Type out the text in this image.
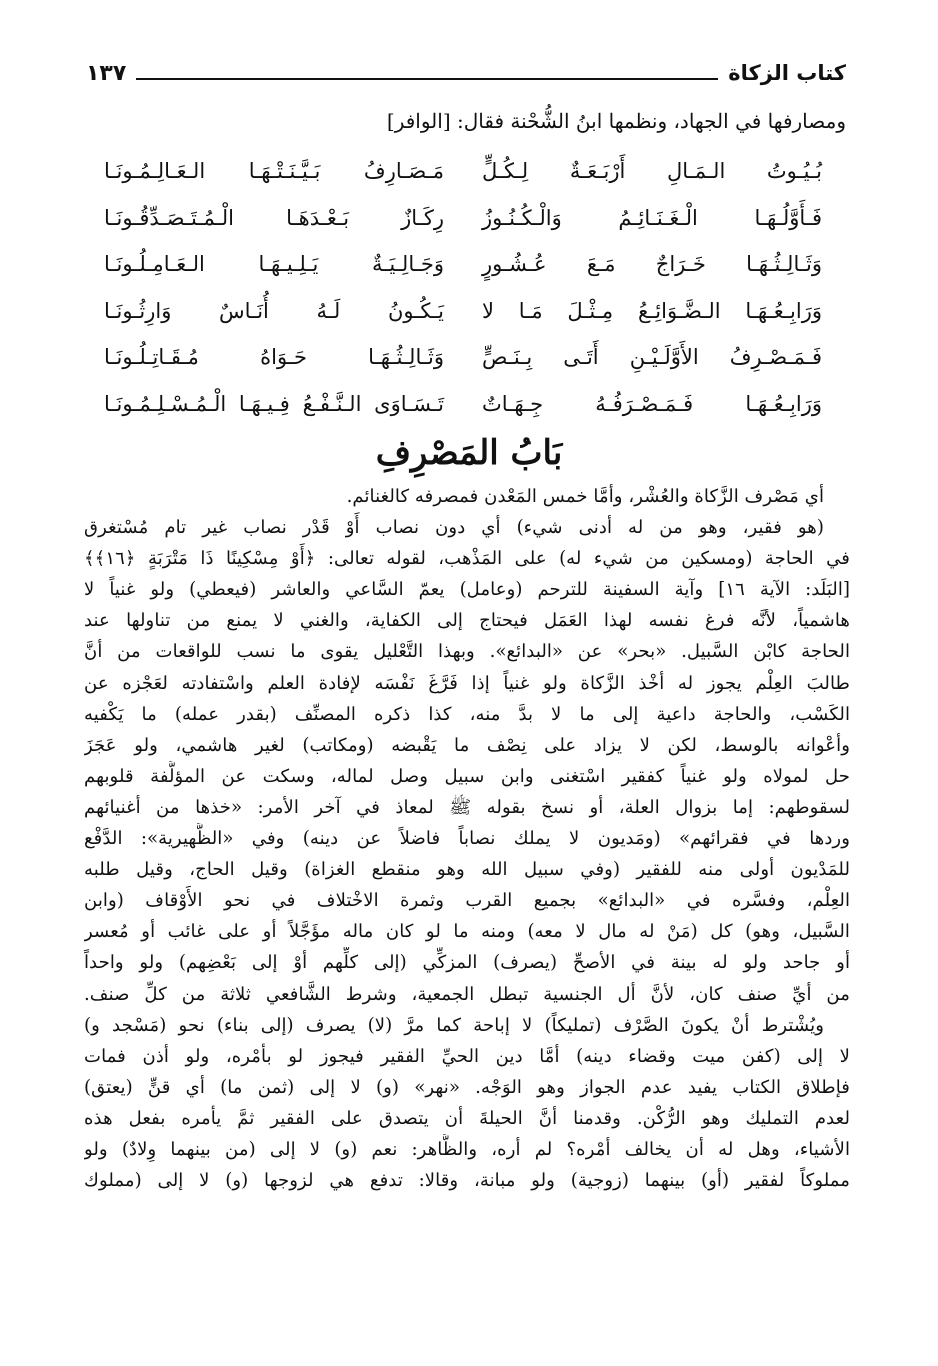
كتاب الزكاة
١٣٧
ومصارفها في الجهاد، ونظمها ابنُ الشُّحْنة فقال: [الوافر]
بُـيُـوتُ الـمَـالِ أَرْبَـعَـةٌ لِـكُـلٍّ
مَـصَـارِفُ بَـيَّـنَـتْـهَـا الـعَـالِـمُـونَـا
فَـأَوَّلُـهَـا الْـغَـنَـائِـمُ وَالْـكُـنُـوزُ
رِكَـازٌ بَـعْـدَهَـا الْـمُـتَـصَـدِّقُـونَـا
وَثَـالِـثُـهَـا خَـرَاجٌ مَـعَ عُـشُـورٍ
وَجَـالِـيَـةٌ يَـلِـيـهَـا الـعَـامِـلُـونَـا
وَرَابِـعُـهَـا الـضَّـوَائِـعُ مِـثْـلَ مَـا لا
يَـكُـونُ لَـهُ أُنَـاسٌ وَارِثُـونَـا
فَـمَـصْـرِفُ الأَوَّلَـيْـنِ أَتَـى بِـنَـصٍّ
وَثَـالِـثُـهَـا حَـوَاهُ مُـقَـاتِـلُـونَـا
وَرَابِـعُـهَـا فَـمَـصْـرَفُـهُ جِـهَـاتٌ
تَـسَـاوَى الـنَّـفْـعُ فِـيـهَـا الْـمُـسْـلِـمُـونَـا
بَابُ المَصْرِفِ
أي مَصْرف الزَّكاة والعُشْر، وأمَّا خمس المَعْدن فمصرفه كالغنائم.
(هو فقير، وهو من له أدنى شيء) أي دون نصاب أَوْ قَدْر نصاب غير تام مُسْتغرق
في الحاجة (ومسكين من شيء له) على المَذْهب، لقوله تعالى: ﴿أَوْ مِسْكِينًا ذَا مَتْرَبَةٍ ﴿١٦﴾﴾
[البَلَد: الآية ١٦] وآية السفينة للترحم (وعامل) يعمّ السَّاعي والعاشر (فيعطي) ولو غنياً لا
هاشمياً، لأنَّه فرغ نفسه لهذا العَمَل فيحتاج إلى الكفاية، والغني لا يمنع من تناولها عند
الحاجة كابْن السَّبيل. «بحر» عن «البدائع». وبهذا التَّعْليل يقوى ما نسب للواقعات من أنَّ
طالبَ العِلْم يجوز له أخْذ الزَّكاة ولو غنياً إذا فَرَّغَ نَفْسَه لإفادة العلم واسْتفادته لعَجْزه عن
الكَسْب، والحاجة داعية إلى ما لا بدَّ منه، كذا ذكره المصنِّف (بقدر عمله) ما يَكْفيه
وأعْوانه بالوسط، لكن لا يزاد على نِصْف ما يَقْبضه (ومكاتب) لغير هاشمي، ولو عَجَزَ
حل لمولاه ولو غنياً كفقير اسْتغنى وابن سبيل وصل لماله، وسكت عن المؤلَّفة قلوبهم
لسقوطهم: إما بزوال العلة، أو نسخ بقوله ﷺ لمعاذ في آخر الأمر: «خذها من أغنيائهم
وردها في فقرائهم» (ومَديون لا يملك نصاباً فاضلاً عن دينه) وفي «الظَّهيرية»: الدَّفْع
للمَدْيون أولى منه للفقير (وفي سبيل الله وهو منقطع الغزاة) وقيل الحاج، وقيل طلبه
العِلْم، وفسَّره في «البدائع» بجميع القرب وثمرة الاخْتلاف في نحو الأَوْقاف (وابن
السَّبيل، وهو) كل (مَنْ له مال لا معه) ومنه ما لو كان ماله مؤَجَّلاً أو على غائب أو مُعسر
أو جاحد ولو له بينة في الأصحِّ (يصرف) المزكِّي (إلى كلِّهم أوْ إلى بَعْضِهم) ولو واحداً
من أيِّ صنف كان، لأنَّ أل الجنسية تبطل الجمعية، وشرط الشَّافعي ثلاثة من كلِّ صنف.
ويُشْترط أنْ يكونَ الصَّرْف (تمليكاً) لا إباحة كما مرَّ (لا) يصرف (إلى بناء) نحو (مَسْجد و)
لا إلى (كفن ميت وقضاء دينه) أمَّا دين الحيِّ الفقير فيجوز لو بأمْره، ولو أذن فمات
فإطلاق الكتاب يفيد عدم الجواز وهو الوَجْه. «نهر» (و) لا إلى (ثمن ما) أي قنٍّ (يعتق)
لعدم التمليك وهو الرُّكْن. وقدمنا أنَّ الحيلةَ أن يتصدق على الفقير ثمَّ يأمره بفعل هذه
الأشياء، وهل له أن يخالف أمْره؟ لم أره، والظَّاهر: نعم (و) لا إلى (من بينهما وِلادٌ) ولو
مملوكاً لفقير (أو) بينهما (زوجية) ولو مبانة، وقالا: تدفع هي لزوجها (و) لا إلى (مملوك
